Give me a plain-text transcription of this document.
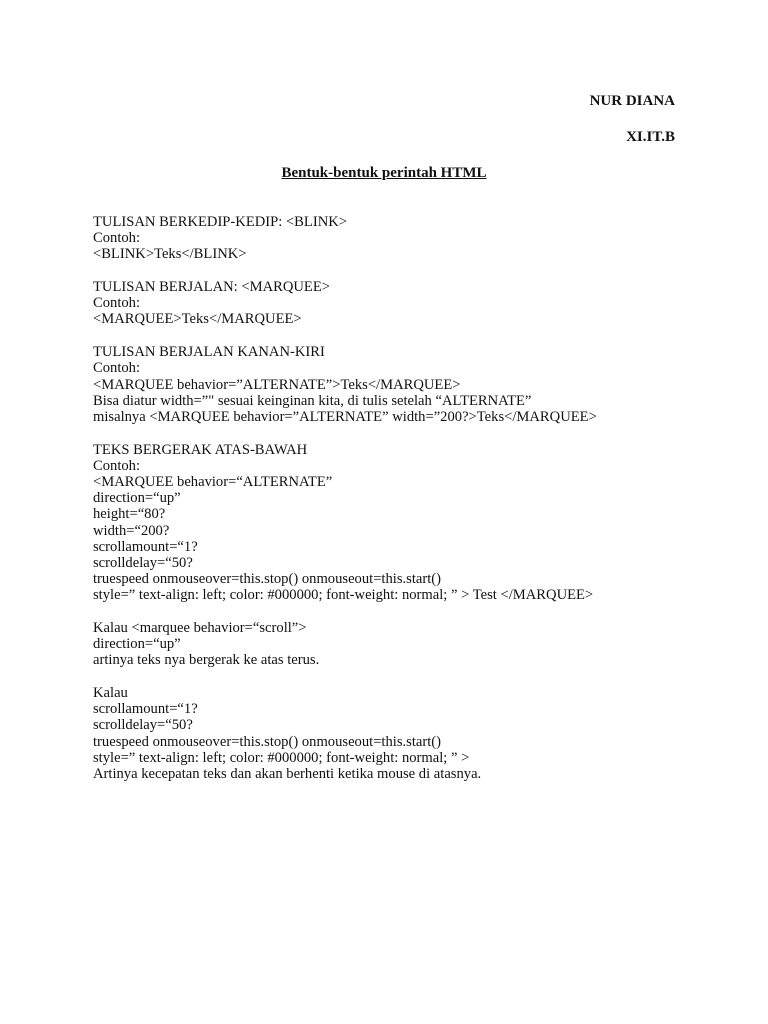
NUR DIANA
XI.IT.B
Bentuk-bentuk perintah HTML
TULISAN BERKEDIP-KEDIP: <BLINK>
Contoh:
<BLINK>Teks</BLINK>
TULISAN BERJALAN: <MARQUEE>
Contoh:
<MARQUEE>Teks</MARQUEE>
TULISAN BERJALAN KANAN-KIRI
Contoh:
<MARQUEE behavior=”ALTERNATE”>Teks</MARQUEE>
Bisa diatur width=”" sesuai keinginan kita, di tulis setelah “ALTERNATE”
misalnya <MARQUEE behavior=”ALTERNATE” width=”200?>Teks</MARQUEE>
TEKS BERGERAK ATAS-BAWAH
Contoh:
<MARQUEE behavior=“ALTERNATE”
direction=“up”
height=“80?
width=“200?
scrollamount=“1?
scrolldelay=“50?
truespeed onmouseover=this.stop() onmouseout=this.start()
style=” text-align: left; color: #000000; font-weight: normal; ” > Test </MARQUEE>
Kalau <marquee behavior=“scroll”>
direction=“up”
artinya teks nya bergerak ke atas terus.
Kalau
scrollamount=“1?
scrolldelay=“50?
truespeed onmouseover=this.stop() onmouseout=this.start()
style=” text-align: left; color: #000000; font-weight: normal; ” >
Artinya kecepatan teks dan akan berhenti ketika mouse di atasnya.
